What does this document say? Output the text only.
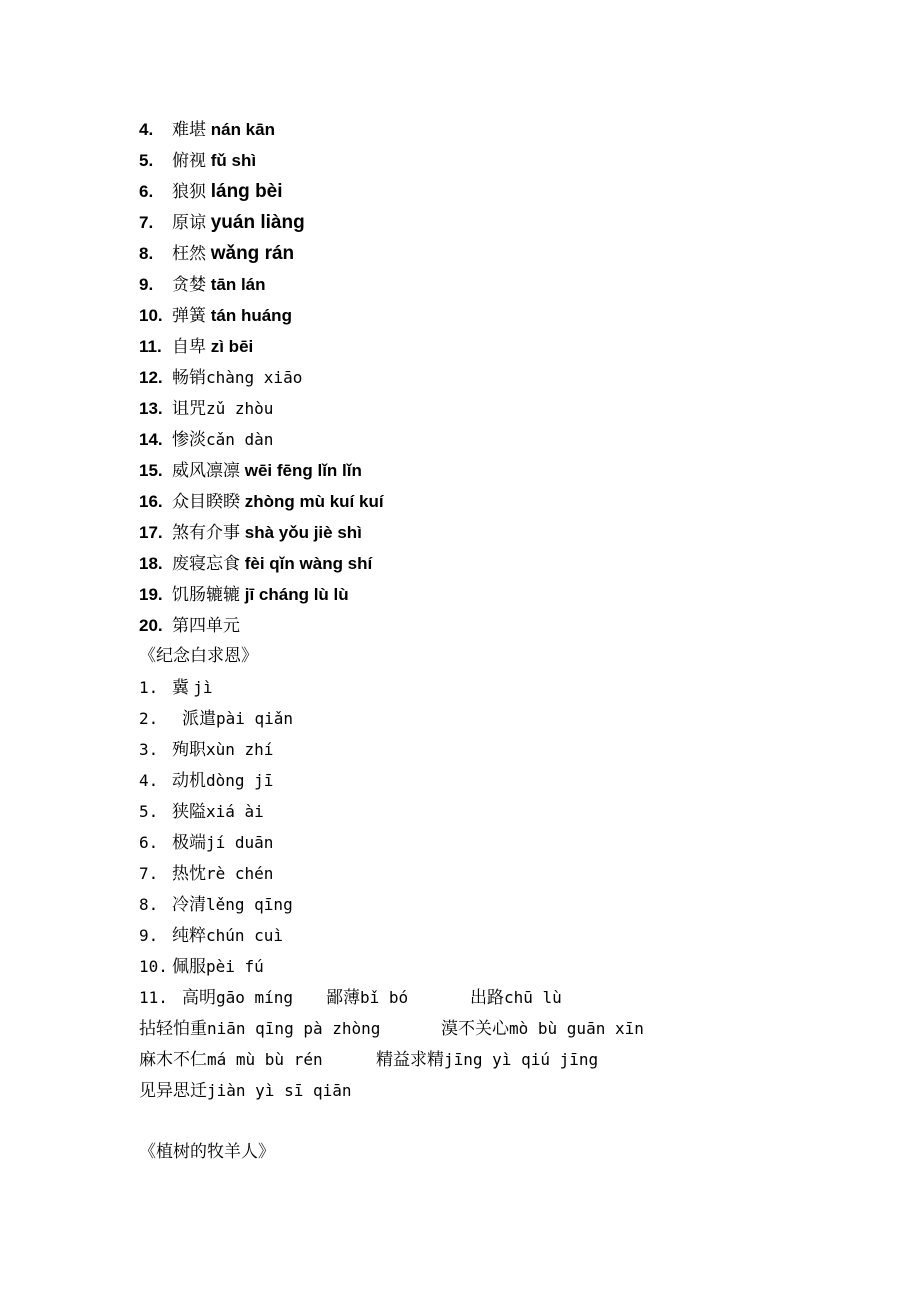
4. 难堪 nán kān
5. 俯视 fǔ shì
6. 狼狈 láng bèi
7. 原谅 yuán liàng
8. 枉然 wǎng rán
9. 贪婪 tān lán
10. 弹簧 tán huáng
11. 自卑 zì bēi
12. 畅销chàng xiāo
13. 诅咒zǔ zhòu
14. 惨淡cǎn dàn
15. 威风凛凛 wēi fēng lǐn lǐn
16. 众目睽睽 zhòng mù kuí kuí
17. 煞有介事 shà yǒu jiè shì
18. 废寝忘食 fèi qǐn wàng shí
19. 饥肠辘辘 jī cháng lù lù
20. 第四单元
《纪念白求恩》
1. 冀 jì
2. 派遣pài qiǎn
3. 殉职xùn zhí
4. 动机dòng jī
5. 狭隘xiá ài
6. 极端jí duān
7. 热忱rè chén
8. 冷清lěng qīng
9. 纯粹chún cuì
10. 佩服pèi fú
11. 高明gāo míng 鄙薄bǐ bó	出路chū lù
拈轻怕重niān qīng pà zhòng	漠不关心mò bù guān xīn
麻木不仁má mù bù rén	精益求精jīng yì qiú jīng
见异思迁jiàn yì sī qiān
《植树的牧羊人》
